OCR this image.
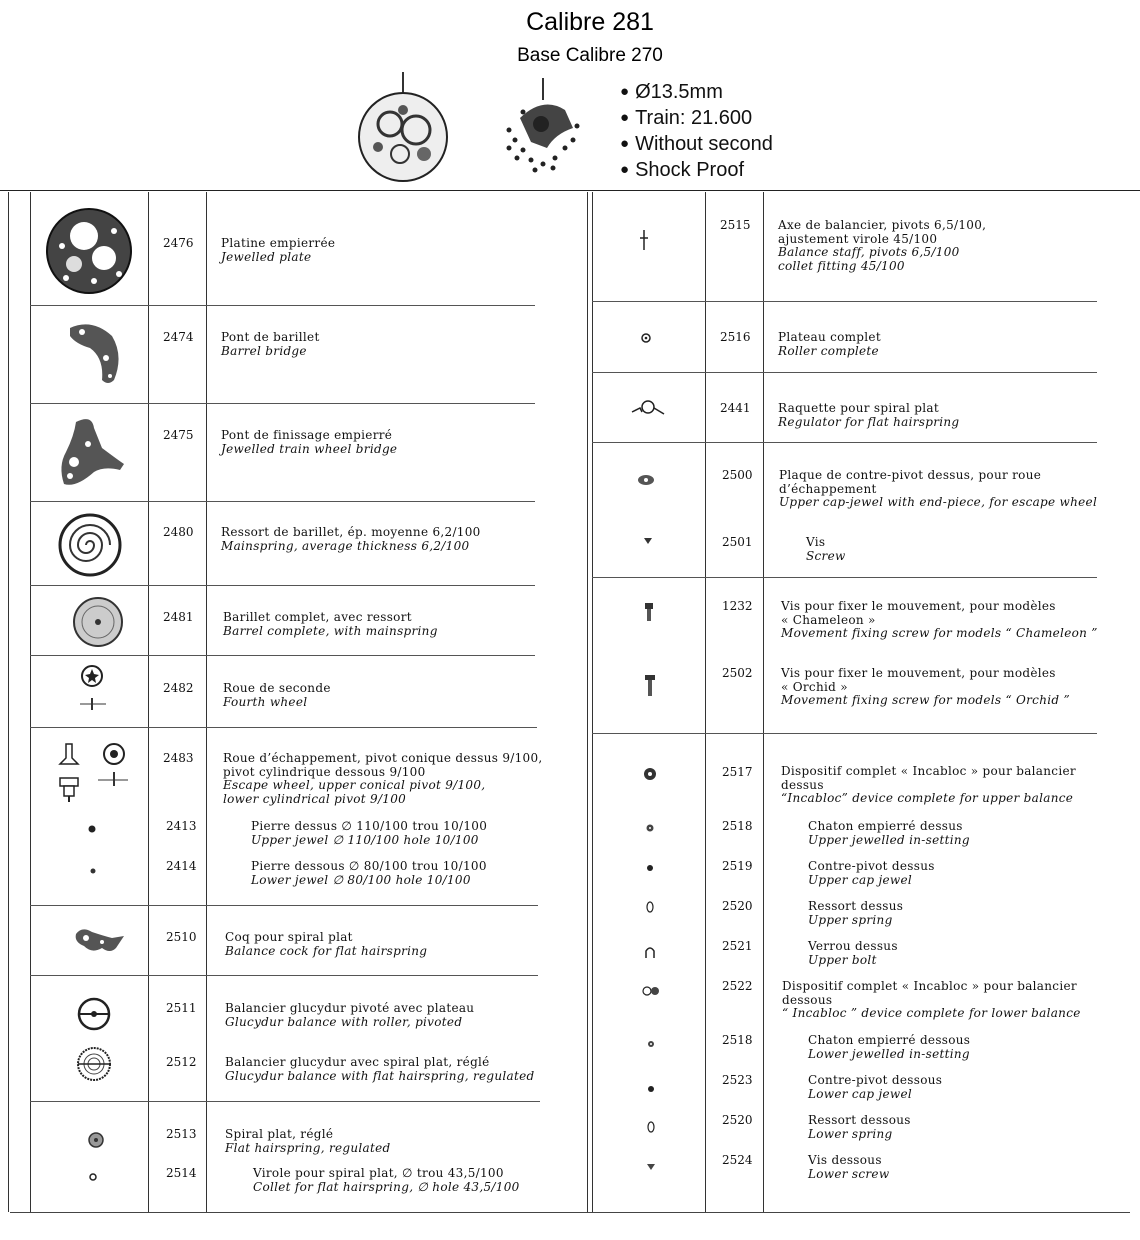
Calibre 281
Base Calibre 270
● Ø13.5mm
● Train: 21.600
● Without second
● Shock Proof
2476 Platine empierrée
Jewelled plate
2474 Pont de barillet
Barrel bridge
2475 Pont de finissage empierré
Jewelled train wheel bridge
2480 Ressort de barillet, ép. moyenne 6,2/100
Mainspring, average thickness 6,2/100
2481 Barillet complet, avec ressort
Barrel complete, with mainspring
2482 Roue de seconde
Fourth wheel
2483 Roue d’échappement, pivot conique dessus 9/100,
pivot cylindrique dessous 9/100
Escape wheel, upper conical pivot 9/100,
lower cylindrical pivot 9/100
2413	Pierre dessus ∅ 110/100 trou 10/100
Upper jewel ∅ 110/100 hole 10/100
2414	Pierre dessous ∅ 80/100 trou 10/100
Lower jewel ∅ 80/100 hole 10/100
2510 Coq pour spiral plat
Balance cock for flat hairspring
2511 Balancier glucydur pivoté avec plateau
Glucydur balance with roller, pivoted
2512 Balancier glucydur avec spiral plat, réglé
Glucydur balance with flat hairspring, regulated
2513 Spiral plat, réglé
Flat hairspring, regulated
2514	Virole pour spiral plat, ∅ trou 43,5/100
Collet for flat hairspring, ∅ hole 43,5/100
2515 Axe de balancier, pivots 6,5/100,
ajustement virole 45/100
Balance staff, pivots 6,5/100
collet fitting 45/100
2516 Plateau complet
Roller complete
2441 Raquette pour spiral plat
Regulator for flat hairspring
2500 Plaque de contre-pivot dessus, pour roue
d’échappement
Upper cap-jewel with end-piece, for escape wheel
2501	Vis
Screw
1232 Vis pour fixer le mouvement, pour modèles
« Chameleon »
Movement fixing screw for models “ Chameleon ”
2502 Vis pour fixer le mouvement, pour modèles
« Orchid »
Movement fixing screw for models “ Orchid ”
2517 Dispositif complet « Incabloc » pour balancier
dessus
“Incabloc” device complete for upper balance
2518	Chaton empierré dessus
Upper jewelled in-setting
2519	Contre-pivot dessus
Upper cap jewel
2520	Ressort dessus
Upper spring
2521	Verrou dessus
Upper bolt
2522 Dispositif complet « Incabloc » pour balancier
dessous
“ Incabloc ” device complete for lower balance
2518	Chaton empierré dessous
Lower jewelled in-setting
2523	Contre-pivot dessous
Lower cap jewel
2520	Ressort dessous
Lower spring
2524	Vis dessous
Lower screw
